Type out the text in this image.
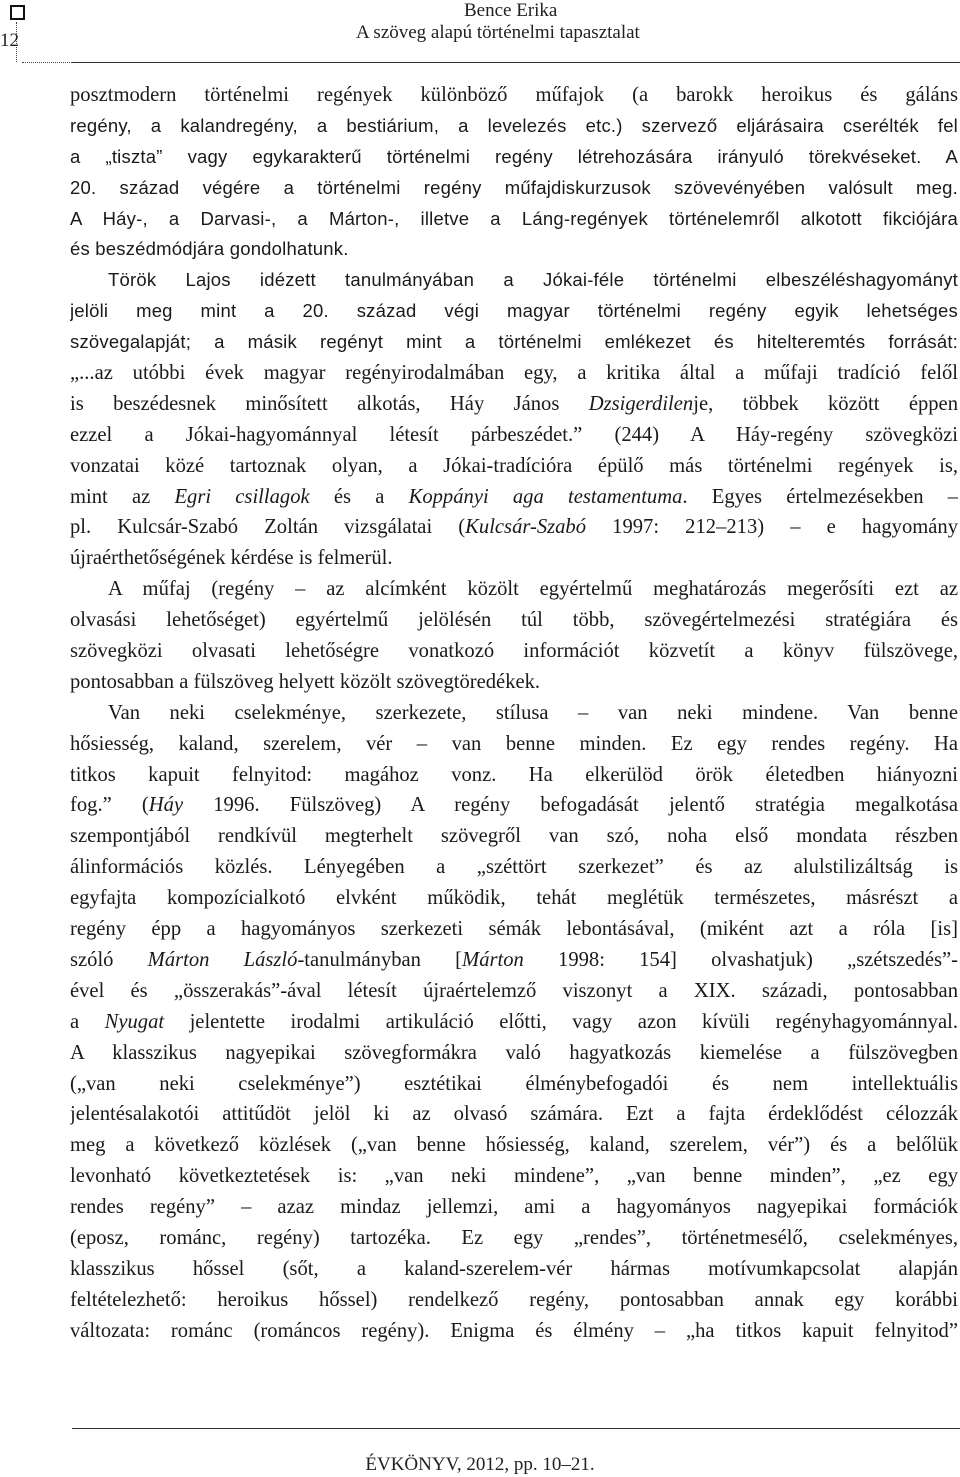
12
Bence Erika
A szöveg alapú történelmi tapasztalat
posztmodern történelmi regények különböző műfajok (a barokk heroikus és gáláns
regény, a kalandregény, a bestiárium, a levelezés etc.) szervező eljárásaira cserélték fel
a „tiszta” vagy egykarakterű történelmi regény létrehozására irányuló törekvéseket. A
20. század végére a történelmi regény műfajdiskurzusok szövevényében valósult meg.
A Háy-, a Darvasi-, a Márton-, illetve a Láng-regények történelemről alkotott fikciójára
és beszédmódjára gondolhatunk.
Török Lajos idézett tanulmányában a Jókai-féle történelmi elbeszéléshagyományt
jelöli meg mint a 20. század végi magyar történelmi regény egyik lehetséges
szövegalapját; a másik regényt mint a történelmi emlékezet és hitelteremtés forrását:
„...az utóbbi évek magyar regényirodalmában egy, a kritika által a műfaji tradíció felől
is beszédesnek minősített alkotás, Háy János Dzsigerdilenje, többek között éppen
ezzel a Jókai-hagyománnyal létesít párbeszédet.” (244) A Háy-regény szövegközi
vonzatai közé tartoznak olyan, a Jókai-tradícióra épülő más történelmi regények is,
mint az Egri csillagok és a Koppányi aga testamentuma. Egyes értelmezésekben –
pl. Kulcsár-Szabó Zoltán vizsgálatai (Kulcsár-Szabó 1997: 212–213) – e hagyomány
újraérthetőségének kérdése is felmerül.
A műfaj (regény – az alcímként közölt egyértelmű meghatározás megerősíti ezt az
olvasási lehetőséget) egyértelmű jelölésén túl több, szövegértelmezési stratégiára és
szövegközi olvasati lehetőségre vonatkozó információt közvetít a könyv fülszövege,
pontosabban a fülszöveg helyett közölt szövegtöredékek.
Van neki cselekménye, szerkezete, stílusa – van neki mindene. Van benne
hősiesség, kaland, szerelem, vér – van benne minden. Ez egy rendes regény. Ha
titkos kapuit felnyitod: magához vonz. Ha elkerülöd örök életedben hiányozni
fog.” (Háy 1996. Fülszöveg) A regény befogadását jelentő stratégia megalkotása
szempontjából rendkívül megterhelt szövegről van szó, noha első mondata részben
álinformációs közlés. Lényegében a „széttört szerkezet” és az alulstilizáltság is
egyfajta kompozícialkotó elvként működik, tehát meglétük természetes, másrészt a
regény épp a hagyományos szerkezeti sémák lebontásával, (miként azt a róla [is]
szóló Márton László-tanulmányban [Márton 1998: 154] olvashatjuk) „szétszedés”-
ével és „összerakás”-ával létesít újraértelemző viszonyt a XIX. századi, pontosabban
a Nyugat jelentette irodalmi artikuláció előtti, vagy azon kívüli regényhagyománnyal.
A klasszikus nagyepikai szövegformákra való hagyatkozás kiemelése a fülszövegben
(„van neki cselekménye”) esztétikai élménybefogadói és nem intellektuális
jelentésalakotói attitűdöt jelöl ki az olvasó számára. Ezt a fajta érdeklődést célozzák
meg a következő közlések („van benne hősiesség, kaland, szerelem, vér”) és a belőlük
levonható következtetések is: „van neki mindene”, „van benne minden”, „ez egy
rendes regény” – azaz mindaz jellemzi, ami a hagyományos nagyepikai formációk
(eposz, románc, regény) tartozéka. Ez egy „rendes”, történetmesélő, cselekményes,
klasszikus hőssel (sőt, a kaland-szerelem-vér hármas motívumkapcsolat alapján
feltételezhető: heroikus hőssel) rendelkező regény, pontosabban annak egy korábbi
változata: románc (románcos regény). Enigma és élmény – „ha titkos kapuit felnyitod”
ÉVKÖNYV, 2012, pp. 10–21.
